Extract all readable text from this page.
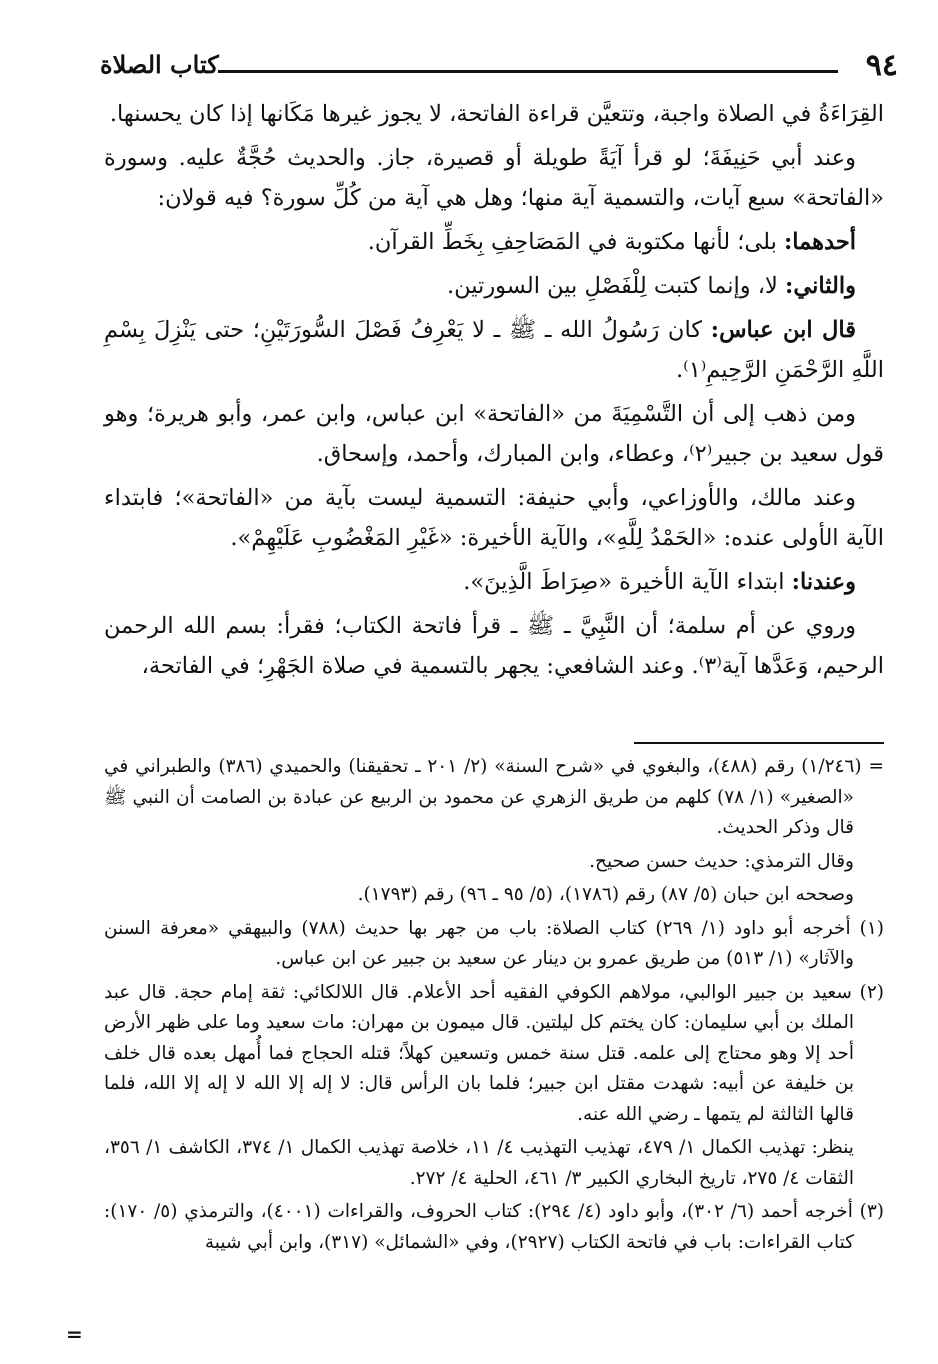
٩٤
كتاب الصلاة

القِرَاءَةُ في الصلاة واجبة، وتتعيَّن قراءة الفاتحة، لا يجوز غيرها مَكَانها إذا كان يحسنها.

وعند أبي حَنِيفَةَ؛ لو قرأ آيَةً طويلة أو قصيرة، جاز. والحديث حُجَّةٌ عليه. وسورة «الفاتحة» سبع آيات، والتسمية آية منها؛ وهل هي آية من كُلِّ سورة؟ فيه قولان:

أحدهما: بلى؛ لأنها مكتوبة في المَصَاحِفِ بِخَطِّ القرآن.

والثاني: لا، وإنما كتبت لِلْفَصْلِ بين السورتين.

قال ابن عباس: كان رَسُولُ الله ـ ﷺ ـ لا يَعْرِفُ فَصْلَ السُّورَتَيْنِ؛ حتى يَنْزِلَ بِسْمِ اللَّهِ الرَّحْمَنِ الرَّحِيمِ⁽١⁾.

ومن ذهب إلى أن التَّسْمِيَةَ من «الفاتحة» ابن عباس، وابن عمر، وأبو هريرة؛ وهو قول سعيد بن جبير⁽٢⁾، وعطاء، وابن المبارك، وأحمد، وإسحاق.

وعند مالك، والأوزاعي، وأبي حنيفة: التسمية ليست بآية من «الفاتحة»؛ فابتداء الآية الأولى عنده: «الحَمْدُ لِلَّهِ»، والآية الأخيرة: «غَيْرِ المَغْضُوبِ عَلَيْهِمْ».

وعندنا: ابتداء الآية الأخيرة «صِرَاطَ الَّذِينَ».

وروي عن أم سلمة؛ أن النَّبِيَّ ـ ﷺ ـ قرأ فاتحة الكتاب؛ فقرأ: بسم الله الرحمن الرحيم، وَعَدَّها آية⁽٣⁾. وعند الشافعي: يجهر بالتسمية في صلاة الجَهْرِ؛ في الفاتحة،

= (١/٢٤٦) رقم (٤٨٨)، والبغوي في «شرح السنة» (٢/ ٢٠١ ـ تحقيقنا) والحميدي (٣٨٦) والطبراني في «الصغير» (١/ ٧٨) كلهم من طريق الزهري عن محمود بن الربيع عن عبادة بن الصامت أن النبي ﷺ قال وذكر الحديث.

وقال الترمذي: حديث حسن صحيح.

وصححه ابن حبان (٥/ ٨٧) رقم (١٧٨٦)، (٥/ ٩٥ ـ ٩٦) رقم (١٧٩٣).

(١) أخرجه أبو داود (١/ ٢٦٩) كتاب الصلاة: باب من جهر بها حديث (٧٨٨) والبيهقي «معرفة السنن والآثار» (١/ ٥١٣) من طريق عمرو بن دينار عن سعيد بن جبير عن ابن عباس.

(٢) سعيد بن جبير الوالبي، مولاهم الكوفي الفقيه أحد الأعلام. قال اللالكائي: ثقة إمام حجة. قال عبد الملك بن أبي سليمان: كان يختم كل ليلتين. قال ميمون بن مهران: مات سعيد وما على ظهر الأرض أحد إلا وهو محتاج إلى علمه. قتل سنة خمس وتسعين كهلاً؛ قتله الحجاج فما أُمهل بعده قال خلف بن خليفة عن أبيه: شهدت مقتل ابن جبير؛ فلما بان الرأس قال: لا إله إلا الله لا إله إلا الله، فلما قالها الثالثة لم يتمها ـ رضي الله عنه.

ينظر: تهذيب الكمال ١/ ٤٧٩، تهذيب التهذيب ٤/ ١١، خلاصة تهذيب الكمال ١/ ٣٧٤، الكاشف ١/ ٣٥٦، الثقات ٤/ ٢٧٥، تاريخ البخاري الكبير ٣/ ٤٦١، الحلية ٤/ ٢٧٢.

(٣) أخرجه أحمد (٦/ ٣٠٢)، وأبو داود (٤/ ٢٩٤): كتاب الحروف، والقراءات (٤٠٠١)، والترمذي (٥/ ١٧٠): كتاب القراءات: باب في فاتحة الكتاب (٢٩٢٧)، وفي «الشمائل» (٣١٧)، وابن أبي شيبة

=
